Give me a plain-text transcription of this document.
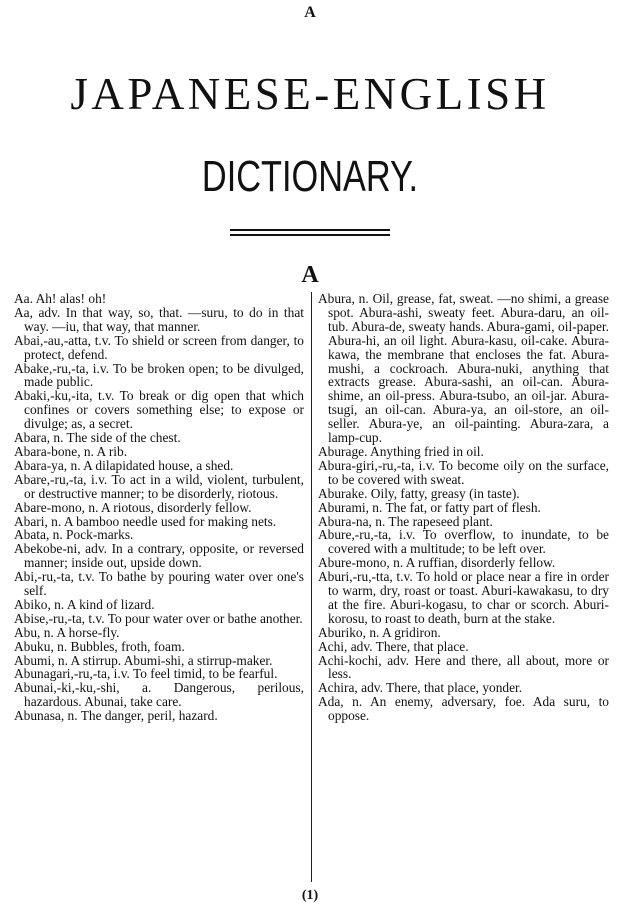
A
JAPANESE-ENGLISH
DICTIONARY.
A

Aa. Ah! alas! oh!

Aa, adv. In that way, so, that. —suru, to do in that way. —iu, that way, that manner.

Abai,-au,-atta, t.v. To shield or screen from danger, to protect, defend.

Abake,-ru,-ta, i.v. To be broken open; to be divulged, made public.

Abaki,-ku,-ita, t.v. To break or dig open that which confines or covers something else; to expose or divulge; as, a secret.

Abara, n. The side of the chest.

Abara-bone, n. A rib.

Abara-ya, n. A dilapidated house, a shed.

Abare,-ru,-ta, i.v. To act in a wild, violent, turbulent, or destructive manner; to be disorderly, riotous.

Abare-mono, n. A riotous, disorderly fellow.

Abari, n. A bamboo needle used for making nets.

Abata, n. Pock-marks.

Abekobe-ni, adv. In a contrary, opposite, or reversed manner; inside out, upside down.

Abi,-ru,-ta, t.v. To bathe by pouring water over one's self.

Abiko, n. A kind of lizard.

Abise,-ru,-ta, t.v. To pour water over or bathe another.

Abu, n. A horse-fly.

Abuku, n. Bubbles, froth, foam.

Abumi, n. A stirrup. Abumi-shi, a stirrup-maker.

Abunagari,-ru,-ta, i.v. To feel timid, to be fearful.

Abunai,-ki,-ku,-shi, a. Dangerous, perilous, hazardous. Abunai, take care.

Abunasa, n. The danger, peril, hazard.

Abura, n. Oil, grease, fat, sweat. —no shimi, a grease spot. Abura-ashi, sweaty feet. Abura-daru, an oil-tub. Abura-de, sweaty hands. Abura-gami, oil-paper. Abura-hi, an oil light. Abura-kasu, oil-cake. Abura-kawa, the membrane that encloses the fat. Abura-mushi, a cockroach. Abura-nuki, anything that extracts grease. Abura-sashi, an oil-can. Abura-shime, an oil-press. Abura-tsubo, an oil-jar. Abura-tsugi, an oil-can. Abura-ya, an oil-store, an oil-seller. Abura-ye, an oil-painting. Abura-zara, a lamp-cup.

Aburage. Anything fried in oil.

Abura-giri,-ru,-ta, i.v. To become oily on the surface, to be covered with sweat.

Aburake. Oily, fatty, greasy (in taste).

Aburami, n. The fat, or fatty part of flesh.

Abura-na, n. The rapeseed plant.

Abure,-ru,-ta, i.v. To overflow, to inundate, to be covered with a multitude; to be left over.

Abure-mono, n. A ruffian, disorderly fellow.

Aburi,-ru,-tta, t.v. To hold or place near a fire in order to warm, dry, roast or toast. Aburi-kawakasu, to dry at the fire. Aburi-kogasu, to char or scorch. Aburi-korosu, to roast to death, burn at the stake.

Aburiko, n. A gridiron.

Achi, adv. There, that place.

Achi-kochi, adv. Here and there, all about, more or less.

Achira, adv. There, that place, yonder.

Ada, n. An enemy, adversary, foe. Ada suru, to oppose.

(1)
